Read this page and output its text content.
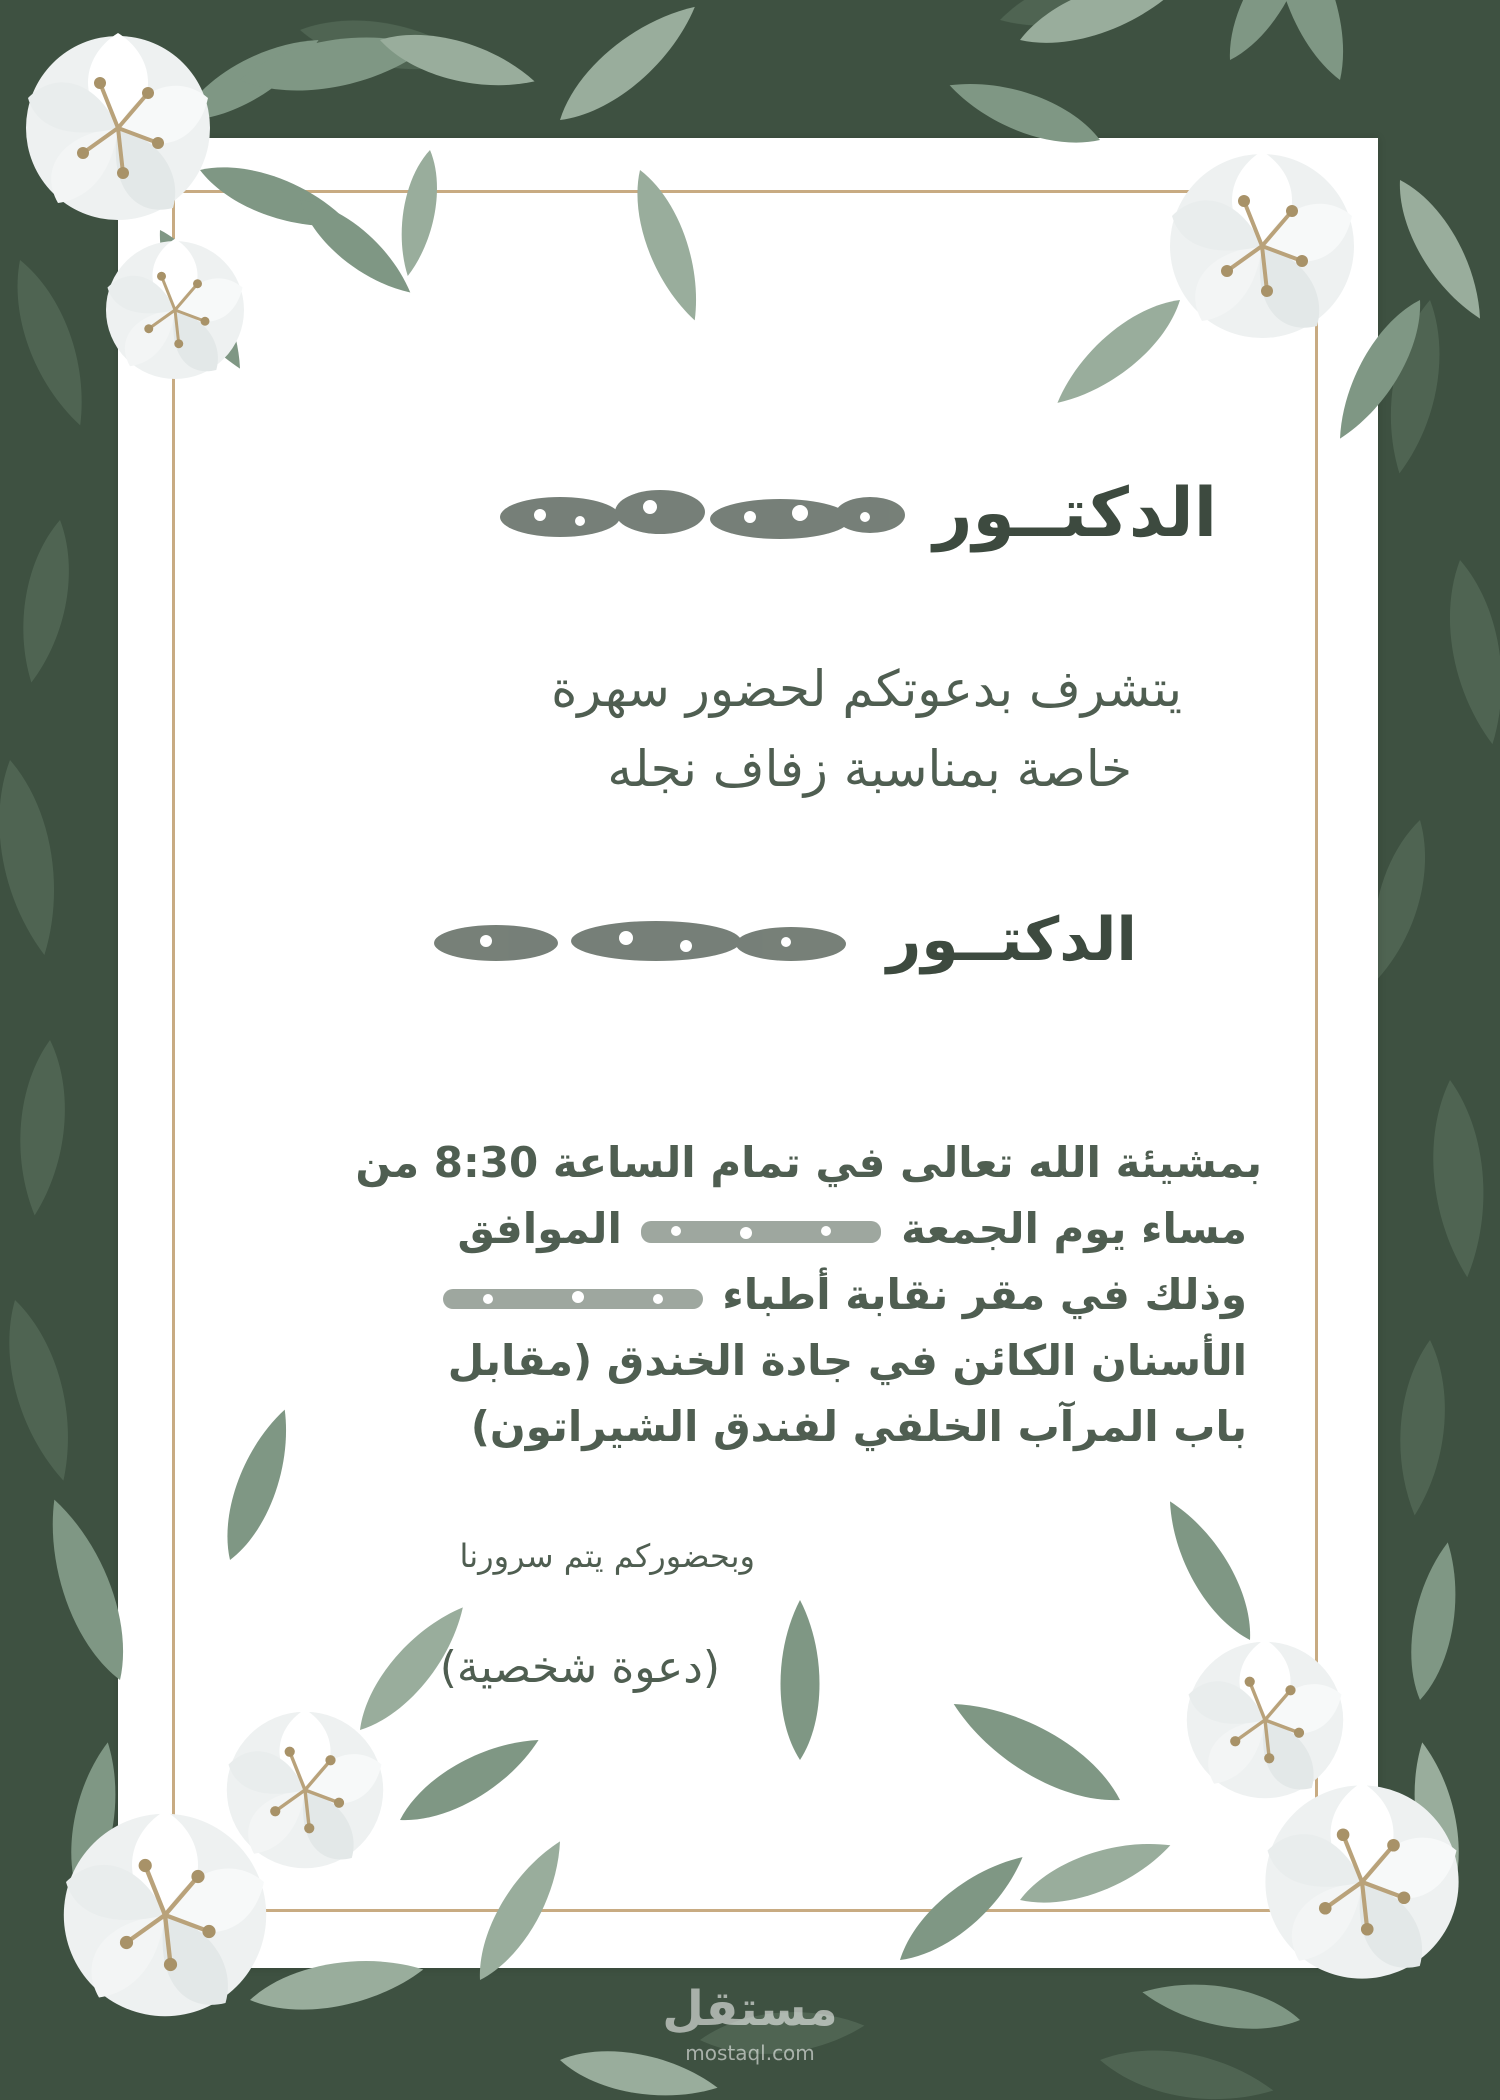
الدكتــور
يتشرف بدعوتكم لحضور سهرة
خاصة بمناسبة زفاف نجله
الدكتــور
بمشيئة الله تعالى في تمام الساعة 8:30 من
مساء يوم الجمعة  الموافق
وذلك في مقر نقابة أطباء
الأسنان الكائن في جادة الخندق (مقابل
باب المرآب الخلفي لفندق الشيراتون)
وبحضوركم يتم سرورنا
(دعوة شخصية)
مستقل
mostaql.com
